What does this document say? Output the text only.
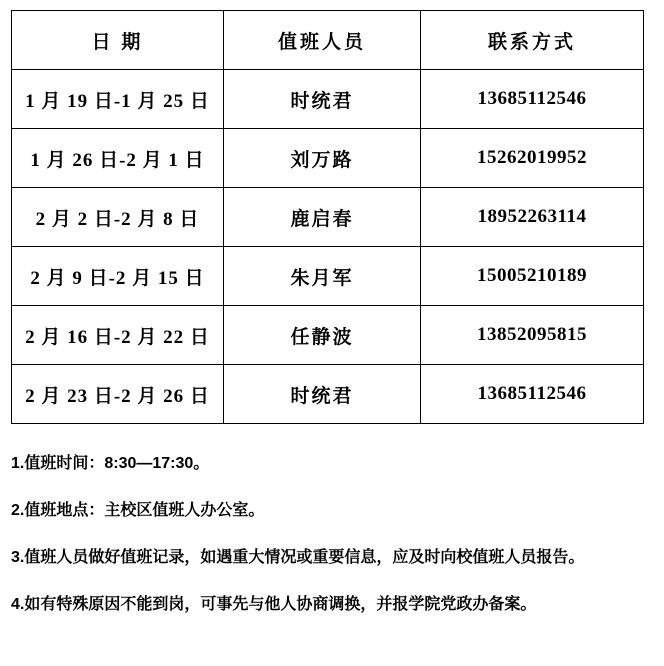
日 期	值班人员	联系方式
1 月 19 日-1 月 25 日	时统君	13685112546
1 月 26 日-2 月 1 日	刘万路	15262019952
2 月 2 日-2 月 8 日	鹿启春	18952263114
2 月 9 日-2 月 15 日	朱月军	15005210189
2 月 16 日-2 月 22 日	任静波	13852095815
2 月 23 日-2 月 26 日	时统君	13685112546
1.值班时间：8:30—17:30。
2.值班地点：主校区值班人办公室。
3.值班人员做好值班记录，如遇重大情况或重要信息，应及时向校值班人员报告。
4.如有特殊原因不能到岗，可事先与他人协商调换，并报学院党政办备案。
